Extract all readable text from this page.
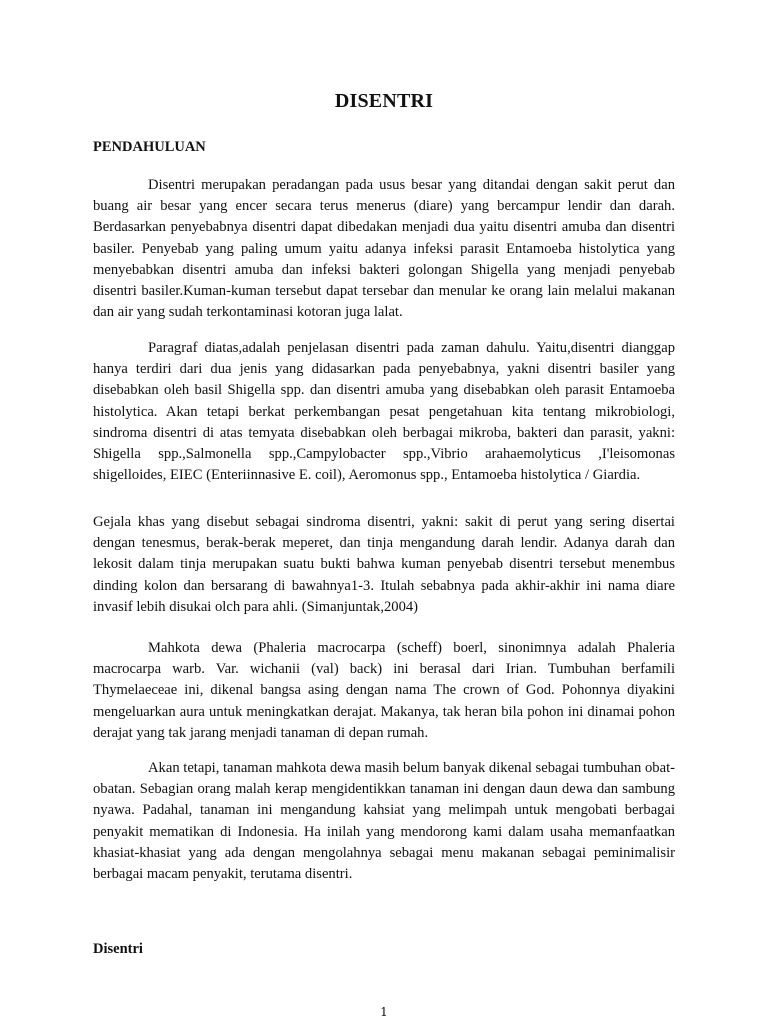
DISENTRI
PENDAHULUAN

Disentri merupakan peradangan pada usus besar yang ditandai dengan sakit perut dan buang air besar yang encer secara terus menerus (diare) yang bercampur lendir dan darah. Berdasarkan penyebabnya disentri dapat dibedakan menjadi dua yaitu disentri amuba dan disentri basiler. Penyebab yang paling umum yaitu adanya infeksi parasit Entamoeba histolytica yang menyebabkan disentri amuba dan infeksi bakteri golongan Shigella yang menjadi penyebab disentri basiler.Kuman-kuman tersebut dapat tersebar dan menular ke orang lain melalui makanan dan air yang sudah terkontaminasi kotoran juga lalat.

Paragraf diatas,adalah penjelasan disentri pada zaman dahulu. Yaitu,disentri dianggap hanya terdiri dari dua jenis yang didasarkan pada penyebabnya, yakni disentri basiler yang disebabkan oleh basil Shigella spp. dan disentri amuba yang disebabkan oleh parasit Entamoeba histolytica. Akan tetapi berkat perkembangan pesat pengetahuan kita tentang mikrobiologi, sindroma disentri di atas temyata disebabkan oleh berbagai mikroba, bakteri dan parasit, yakni: Shigella spp.,Salmonella spp.,Campylobacter spp.,Vibrio arahaemolyticus ,I'leisomonas shigelloides, EIEC (Enteriinnasive E. coil), Aeromonus spp., Entamoeba histolytica / Giardia.

Gejala khas yang disebut sebagai sindroma disentri, yakni: sakit di perut yang sering disertai dengan tenesmus, berak-berak meperet, dan tinja mengandung darah lendir. Adanya darah dan lekosit dalam tinja merupakan suatu bukti bahwa kuman penyebab disentri tersebut menembus dinding kolon dan bersarang di bawahnya1-3. Itulah sebabnya pada akhir-akhir ini nama diare invasif lebih disukai olch para ahli. (Simanjuntak,2004)

Mahkota dewa (Phaleria macrocarpa (scheff) boerl, sinonimnya adalah Phaleria macrocarpa warb. Var. wichanii (val) back) ini berasal dari Irian. Tumbuhan berfamili Thymelaeceae ini, dikenal bangsa asing dengan nama The crown of God. Pohonnya diyakini mengeluarkan aura untuk meningkatkan derajat. Makanya, tak heran bila pohon ini dinamai pohon derajat yang tak jarang menjadi tanaman di depan rumah.

Akan tetapi, tanaman mahkota dewa masih belum banyak dikenal sebagai tumbuhan obat-obatan. Sebagian orang malah kerap mengidentikkan tanaman ini dengan daun dewa dan sambung nyawa. Padahal, tanaman ini mengandung kahsiat yang melimpah untuk mengobati berbagai penyakit mematikan di Indonesia. Ha inilah yang mendorong kami dalam usaha memanfaatkan khasiat-khasiat yang ada dengan mengolahnya sebagai menu makanan sebagai peminimalisir berbagai macam penyakit, terutama disentri.

Disentri
1
